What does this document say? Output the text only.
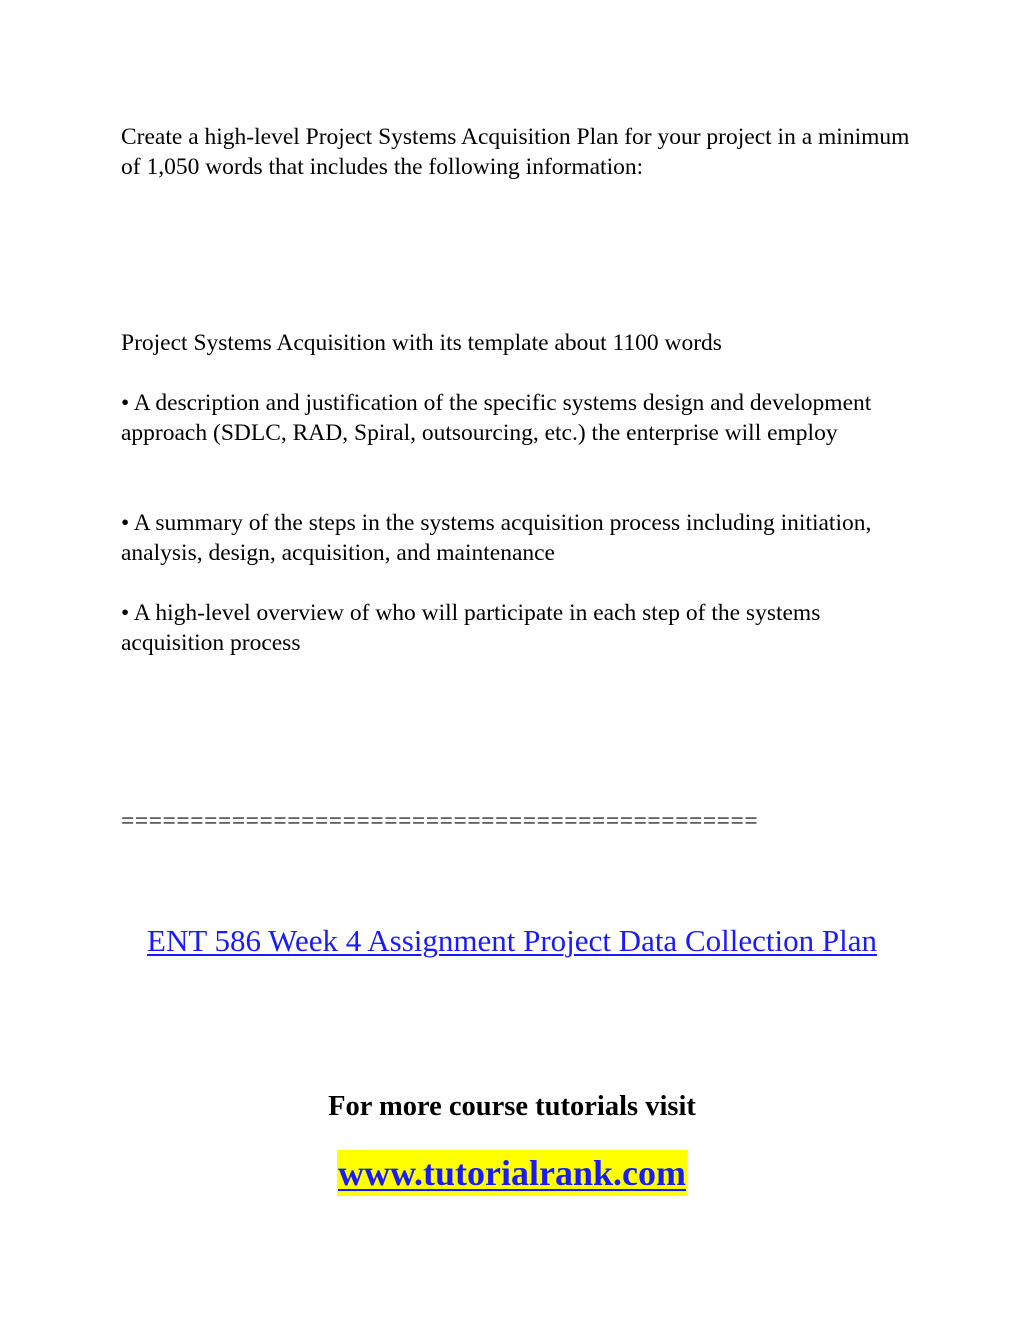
Create a high-level Project Systems Acquisition Plan for your project in a minimum of 1,050 words that includes the following information:

Project Systems Acquisition with its template about 1100 words

• A description and justification of the specific systems design and development approach (SDLC, RAD, Spiral, outsourcing, etc.) the enterprise will employ

• A summary of the steps in the systems acquisition process including initiation, analysis, design, acquisition, and maintenance

• A high-level overview of who will participate in each step of the systems acquisition process

==============================================

ENT 586 Week 4 Assignment Project Data Collection Plan

For more course tutorials visit

www.tutorialrank.com
